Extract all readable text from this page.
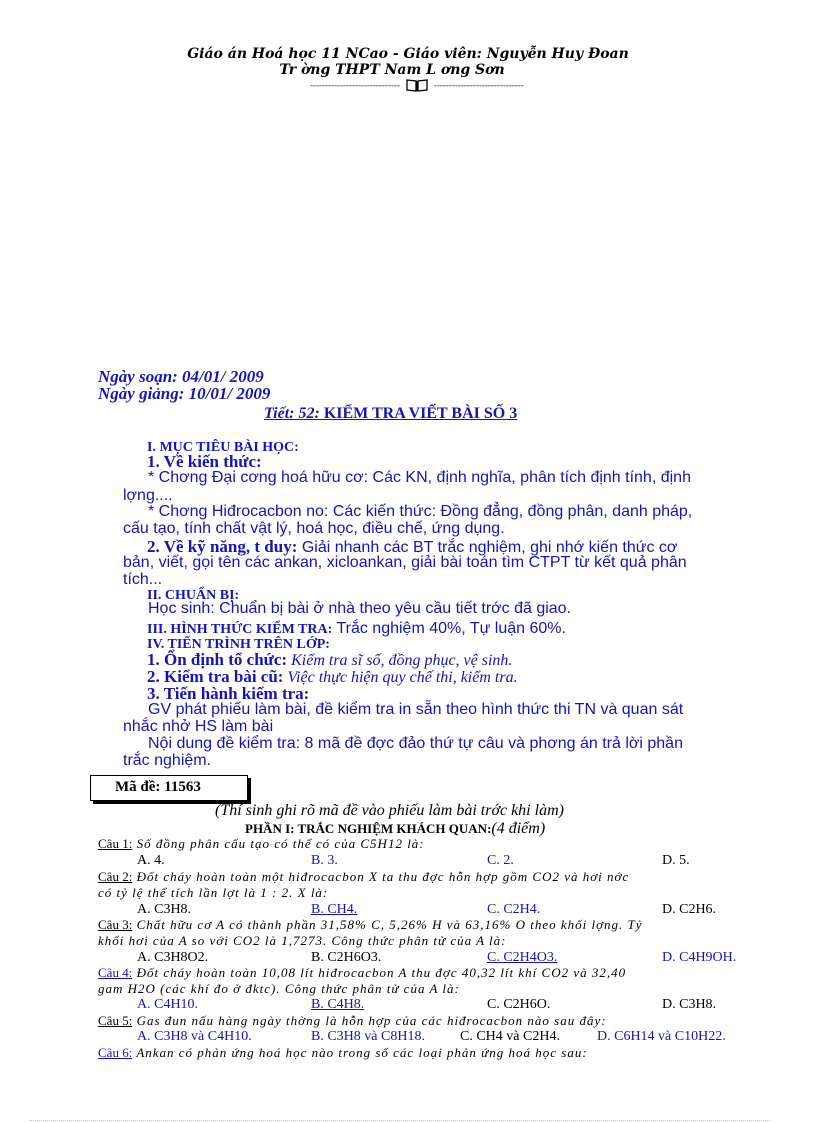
Giáo án Hoá học 11 NCao - Giáo viên: Nguyễn Huy Đoan
Tr ờng THPT Nam L ơng Sơn
------------------------------	------------------------------
Ngày soạn: 04/01/ 2009
Ngày giảng: 10/01/ 2009
Tiết: 52: KIỂM TRA VIẾT BÀI SỐ 3
I. MỤC TIÊU BÀI HỌC:
1. Về kiến thức:
* Chơng Đại cơng hoá hữu cơ: Các KN, định nghĩa, phân tích định tính, định
lợng....
* Chơng Hiđrocacbon no: Các kiến thức: Đồng đẳng, đồng phân, danh pháp,
cấu tạo, tính chất vật lý, hoá học, điều chế, ứng dụng.
2. Về kỹ năng, t duy: Giải nhanh các BT trắc nghiệm, ghi nhớ kiến thức cơ
bản, viết, gọi tên các ankan, xicloankan, giải bài toán tìm CTPT từ kết quả phân
tích...
II. CHUẨN BỊ:
Học sinh: Chuẩn bị bài ở nhà theo yêu cầu tiết trớc đã giao.
III. HÌNH THỨC KIỂM TRA: Trắc nghiệm 40%, Tự luận 60%.
IV. TIẾN TRÌNH TRÊN LỚP:
1. Ổn định tổ chức: Kiểm tra sĩ số, đồng phục, vệ sinh.
2. Kiểm tra bài cũ: Việc thực hiện quy chế thi, kiểm tra.
3. Tiến hành kiểm tra:
GV phát phiếu làm bài, đề kiểm tra in sẵn theo hình thức thi TN và quan sát
nhắc nhở HS làm bài
Nội dung đề kiểm tra: 8 mã đề đợc đảo thứ tự câu và phơng án trả lời phần
trắc nghiệm.
Mã đề: 11563
(Thí sinh ghi rõ mã đề vào phiếu làm bài trớc khi làm)
PHẦN I: TRẮC NGHIỆM KHÁCH QUAN:(4 điểm)
Câu 1: Số đồng phân cấu tạo có thể có của C5H12 là:
A. 4.	B. 3.	C. 2.	D. 5.
Câu 2: Đốt cháy hoàn toàn một hiđrocacbon X ta thu đợc hỗn hợp gồm CO2 và hơi nớc
có tỷ lệ thể tích lần lợt là 1 : 2. X là:
A. C3H8.	B. CH4.	C. C2H4.	D. C2H6.
Câu 3: Chất hữu cơ A có thành phần 31,58% C, 5,26% H và 63,16% O theo khối lợng. Tỷ
khối hơi của A so với CO2 là 1,7273. Công thức phân tử của A là:
A. C3H8O2.	B. C2H6O3.	C. C2H4O3.	D. C4H9OH.
Câu 4: Đốt cháy hoàn toàn 10,08 lít hiđrocacbon A thu đợc 40,32 lít khí CO2 và 32,40
gam H2O (các khí đo ở đktc). Công thức phân tử của A là:
A. C4H10.	B. C4H8.	C. C2H6O.	D. C3H8.
Câu 5: Gas đun nấu hàng ngày thờng là hỗn hợp của các hiđrocacbon nào sau đây:
A. C3H8 và C4H10.	B. C3H8 và C8H18.	C. CH4 và C2H4.	D. C6H14 và C10H22.
Câu 6: Ankan có phản ứng hoá học nào trong số các loại phản ứng hoá học sau:
